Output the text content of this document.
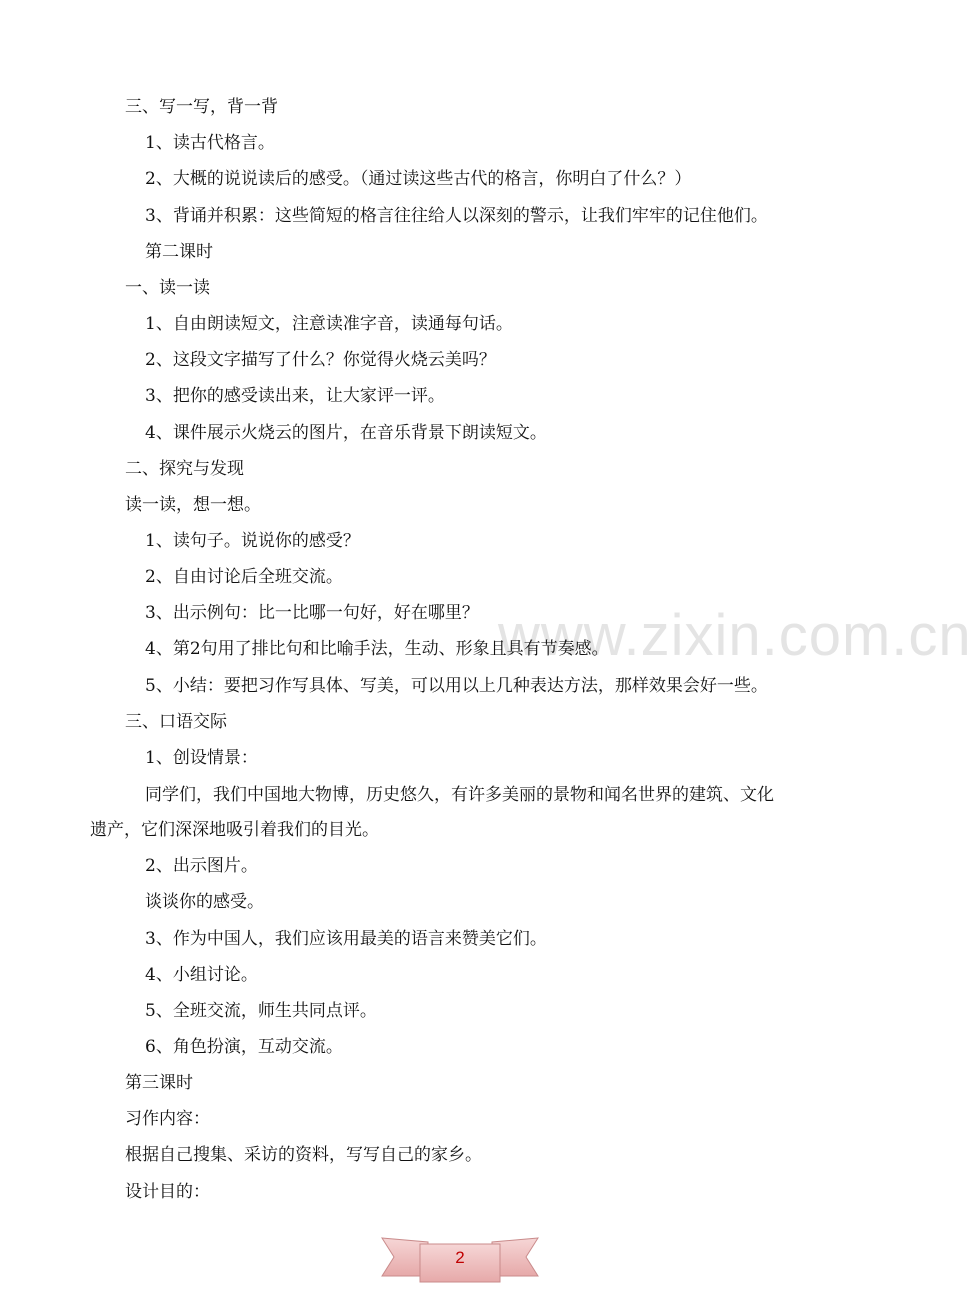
www.zixin.com.cn
三、写一写，背一背
1、读古代格言。
2、大概的说说读后的感受。（通过读这些古代的格言，你明白了什么？）
3、背诵并积累：这些简短的格言往往给人以深刻的警示，让我们牢牢的记住他们。
第二课时
一、读一读
1、自由朗读短文，注意读准字音，读通每句话。
2、这段文字描写了什么？你觉得火烧云美吗？
3、把你的感受读出来，让大家评一评。
4、课件展示火烧云的图片，在音乐背景下朗读短文。
二、探究与发现
读一读，想一想。
1、读句子。说说你的感受？
2、自由讨论后全班交流。
3、出示例句：比一比哪一句好，好在哪里？
4、第2句用了排比句和比喻手法，生动、形象且具有节奏感。
5、小结：要把习作写具体、写美，可以用以上几种表达方法，那样效果会好一些。
三、口语交际
1、创设情景：
同学们，我们中国地大物博，历史悠久，有许多美丽的景物和闻名世界的建筑、文化
遗产，它们深深地吸引着我们的目光。
2、出示图片。
谈谈你的感受。
3、作为中国人，我们应该用最美的语言来赞美它们。
4、小组讨论。
5、全班交流，师生共同点评。
6、角色扮演，互动交流。
第三课时
习作内容：
根据自己搜集、采访的资料，写写自己的家乡。
设计目的：
2
